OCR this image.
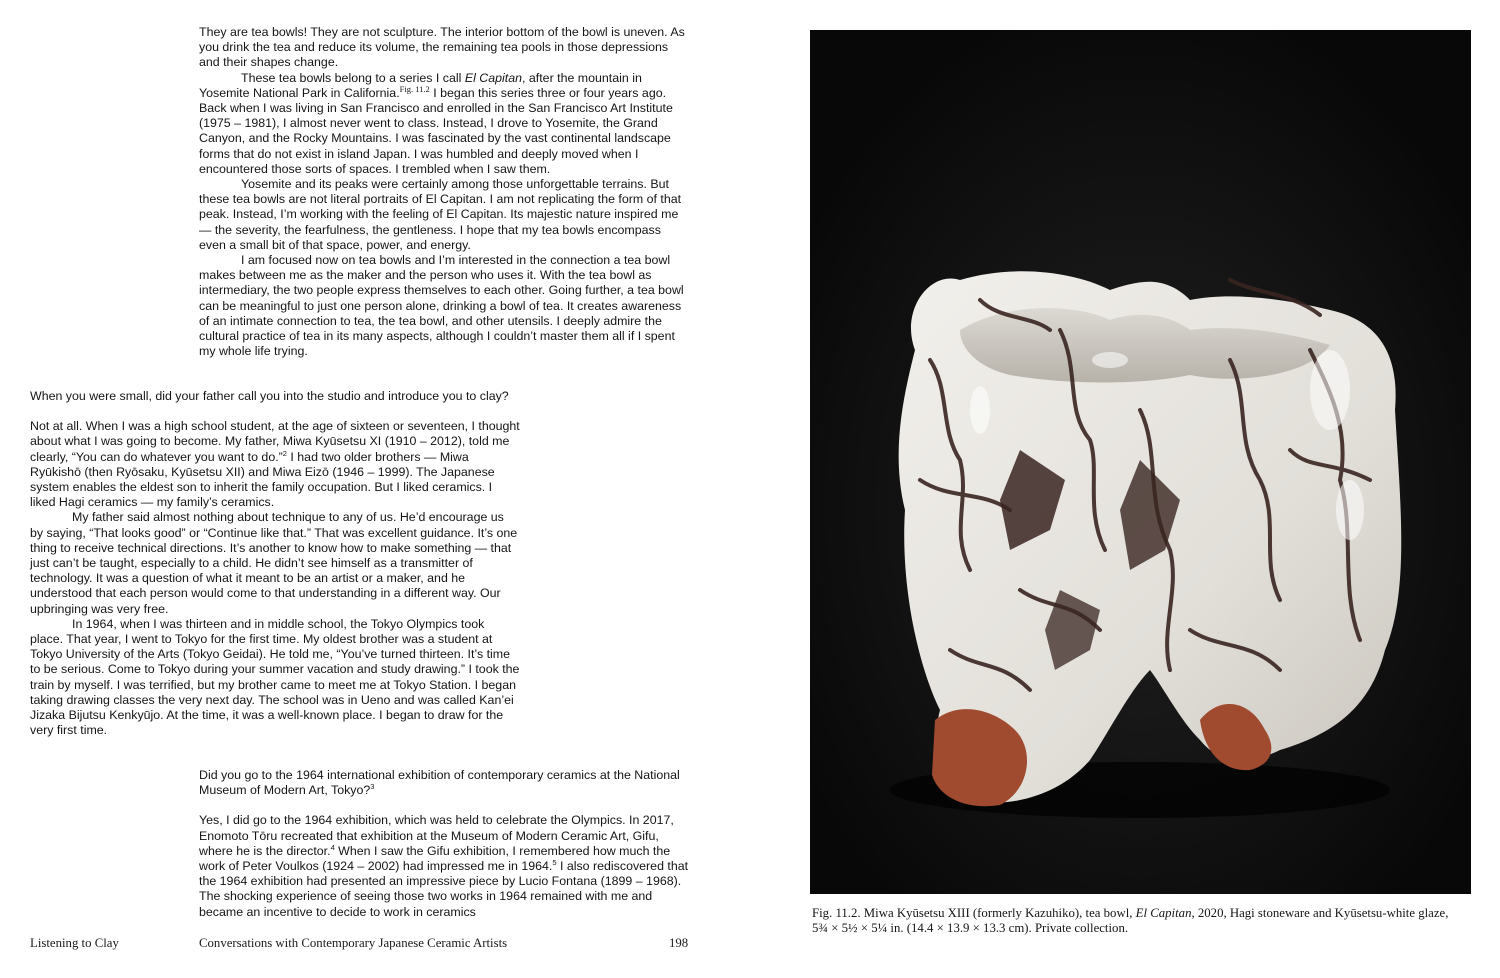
They are tea bowls! They are not sculpture. The interior bottom of the bowl is uneven. As you drink the tea and reduce its volume, the remaining tea pools in those depressions and their shapes change.

These tea bowls belong to a series I call El Capitan, after the mountain in Yosemite National Park in California.$^{Fig. 11.2}$ I began this series three or four years ago. Back when I was living in San Francisco and enrolled in the San Francisco Art Institute (1975 – 1981), I almost never went to class. Instead, I drove to Yosemite, the Grand Canyon, and the Rocky Mountains. I was fascinated by the vast continental landscape forms that do not exist in island Japan. I was humbled and deeply moved when I encountered those sorts of spaces. I trembled when I saw them.

Yosemite and its peaks were certainly among those unforgettable terrains. But these tea bowls are not literal portraits of El Capitan. I am not replicating the form of that peak. Instead, I’m working with the feeling of El Capitan. Its majestic nature inspired me — the severity, the fearfulness, the gentleness. I hope that my tea bowls encompass even a small bit of that space, power, and energy.

I am focused now on tea bowls and I’m interested in the connection a tea bowl makes between me as the maker and the person who uses it. With the tea bowl as intermediary, the two people express themselves to each other. Going further, a tea bowl can be meaningful to just one person alone, drinking a bowl of tea. It creates awareness of an intimate connection to tea, the tea bowl, and other utensils. I deeply admire the cultural practice of tea in its many aspects, although I couldn’t master them all if I spent my whole life trying.

When you were small, did your father call you into the studio and introduce you to clay?

Not at all. When I was a high school student, at the age of sixteen or seventeen, I thought about what I was going to become. My father, Miwa Kyūsetsu XI (1910 – 2012), told me clearly, “You can do whatever you want to do.”$^2$ I had two older brothers — Miwa Ryūkishō (then Ryōsaku, Kyūsetsu XII) and Miwa Eizō (1946 – 1999). The Japanese system enables the eldest son to inherit the family occupation. But I liked ceramics. I liked Hagi ceramics — my family’s ceramics.

My father said almost nothing about technique to any of us. He’d encourage us by saying, “That looks good” or “Continue like that.” That was excellent guidance. It’s one thing to receive technical directions. It’s another to know how to make something — that just can’t be taught, especially to a child. He didn’t see himself as a transmitter of technology. It was a question of what it meant to be an artist or a maker, and he understood that each person would come to that understanding in a different way. Our upbringing was very free.

In 1964, when I was thirteen and in middle school, the Tokyo Olympics took place. That year, I went to Tokyo for the first time. My oldest brother was a student at Tokyo University of the Arts (Tokyo Geidai). He told me, “You’ve turned thirteen. It’s time to be serious. Come to Tokyo during your summer vacation and study drawing.” I took the train by myself. I was terrified, but my brother came to meet me at Tokyo Station. I began taking drawing classes the very next day. The school was in Ueno and was called Kan’ei Jizaka Bijutsu Kenkyūjo. At the time, it was a well-known place. I began to draw for the very first time.

Did you go to the 1964 international exhibition of contemporary ceramics at the National Museum of Modern Art, Tokyo?$^3$

Yes, I did go to the 1964 exhibition, which was held to celebrate the Olympics. In 2017, Enomoto Tōru recreated that exhibition at the Museum of Modern Ceramic Art, Gifu, where he is the director.$^4$ When I saw the Gifu exhibition, I remembered how much the work of Peter Voulkos (1924 – 2002) had impressed me in 1964.$^5$ I also rediscovered that the 1964 exhibition had presented an impressive piece by Lucio Fontana (1899 – 1968). The shocking experience of seeing those two works in 1964 remained with me and became an incentive to decide to work in ceramics

Listening to Clay	Conversations with Contemporary Japanese Ceramic Artists	198

Fig. 11.2. Miwa Kyūsetsu XIII (formerly Kazuhiko), tea bowl, El Capitan, 2020, Hagi stoneware and Kyūsetsu-white glaze, 5¾ × 5½ × 5¼ in. (14.4 × 13.9 × 13.3 cm). Private collection.
